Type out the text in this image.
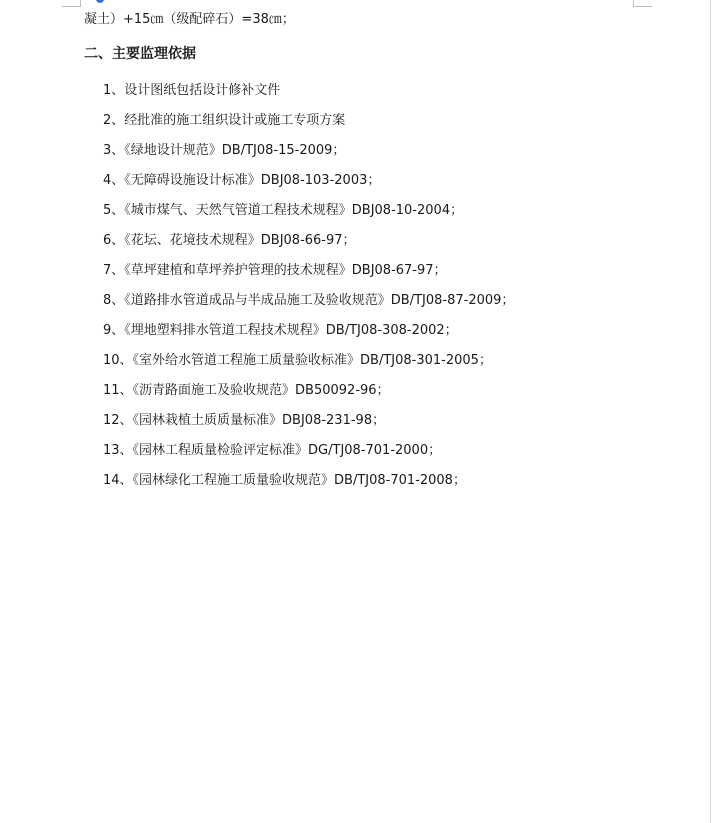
凝土）+15㎝（级配碎石）=38㎝；
二、主要监理依据
1、设计图纸包括设计修补文件
2、经批准的施工组织设计或施工专项方案
3、《绿地设计规范》DB/TJ08-15-2009；
4、《无障碍设施设计标准》DBJ08-103-2003；
5、《城市煤气、天然气管道工程技术规程》DBJ08-10-2004；
6、《花坛、花境技术规程》DBJ08-66-97；
7、《草坪建植和草坪养护管理的技术规程》DBJ08-67-97；
8、《道路排水管道成品与半成品施工及验收规范》DB/TJ08-87-2009；
9、《埋地塑料排水管道工程技术规程》DB/TJ08-308-2002；
10、《室外给水管道工程施工质量验收标准》DB/TJ08-301-2005；
11、《沥青路面施工及验收规范》DB50092-96；
12、《园林栽植土质质量标准》DBJ08-231-98；
13、《园林工程质量检验评定标准》DG/TJ08-701-2000；
14、《园林绿化工程施工质量验收规范》DB/TJ08-701-2008；
